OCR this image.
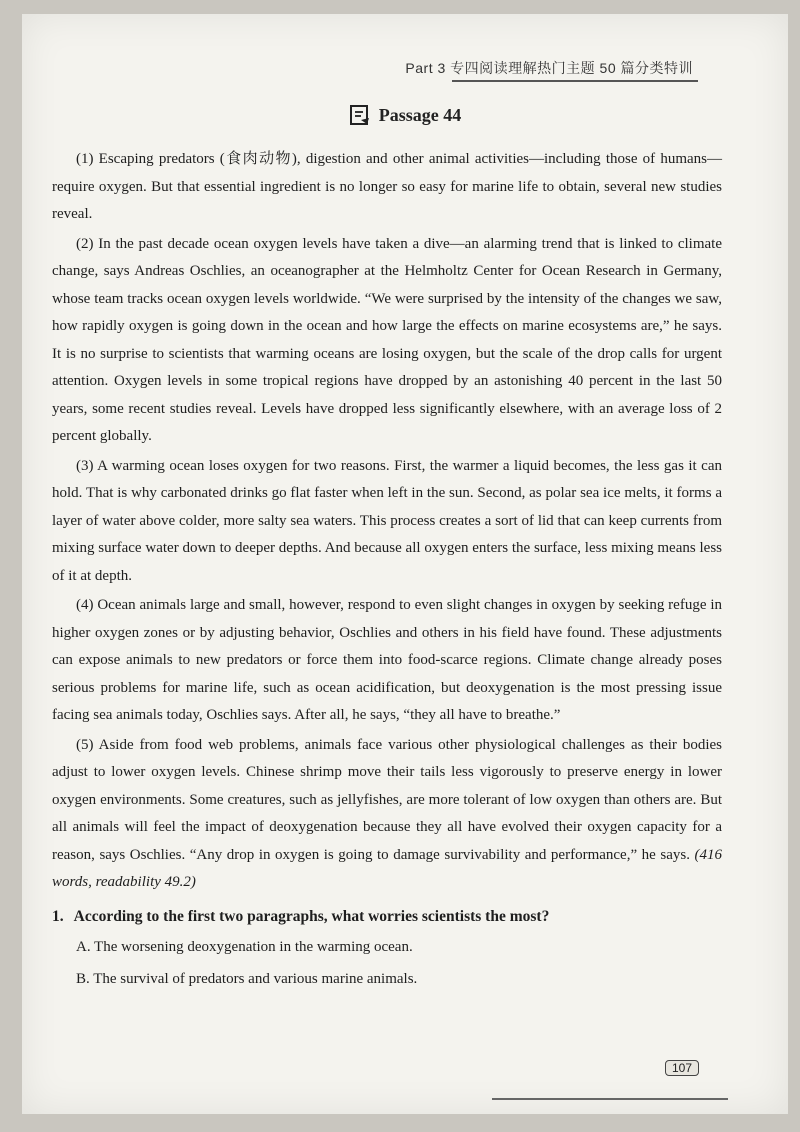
Part 3 专四阅读理解热门主题 50 篇分类特训
Passage 44

(1) Escaping predators (食肉动物), digestion and other animal activities—including those of humans—require oxygen. But that essential ingredient is no longer so easy for marine life to obtain, several new studies reveal.

(2) In the past decade ocean oxygen levels have taken a dive—an alarming trend that is linked to climate change, says Andreas Oschlies, an oceanographer at the Helmholtz Center for Ocean Research in Germany, whose team tracks ocean oxygen levels worldwide. “We were surprised by the intensity of the changes we saw, how rapidly oxygen is going down in the ocean and how large the effects on marine ecosystems are,” he says. It is no surprise to scientists that warming oceans are losing oxygen, but the scale of the drop calls for urgent attention. Oxygen levels in some tropical regions have dropped by an astonishing 40 percent in the last 50 years, some recent studies reveal. Levels have dropped less significantly elsewhere, with an average loss of 2 percent globally.

(3) A warming ocean loses oxygen for two reasons. First, the warmer a liquid becomes, the less gas it can hold. That is why carbonated drinks go flat faster when left in the sun. Second, as polar sea ice melts, it forms a layer of water above colder, more salty sea waters. This process creates a sort of lid that can keep currents from mixing surface water down to deeper depths. And because all oxygen enters the surface, less mixing means less of it at depth.

(4) Ocean animals large and small, however, respond to even slight changes in oxygen by seeking refuge in higher oxygen zones or by adjusting behavior, Oschlies and others in his field have found. These adjustments can expose animals to new predators or force them into food-scarce regions. Climate change already poses serious problems for marine life, such as ocean acidification, but deoxygenation is the most pressing issue facing sea animals today, Oschlies says. After all, he says, “they all have to breathe.”

(5) Aside from food web problems, animals face various other physiological challenges as their bodies adjust to lower oxygen levels. Chinese shrimp move their tails less vigorously to preserve energy in lower oxygen environments. Some creatures, such as jellyfishes, are more tolerant of low oxygen than others are. But all animals will feel the impact of deoxygenation because they all have evolved their oxygen capacity for a reason, says Oschlies. “Any drop in oxygen is going to damage survivability and performance,” he says. (416 words, readability 49.2)

1. According to the first two paragraphs, what worries scientists the most?
A. The worsening deoxygenation in the warming ocean.
B. The survival of predators and various marine animals.
107
